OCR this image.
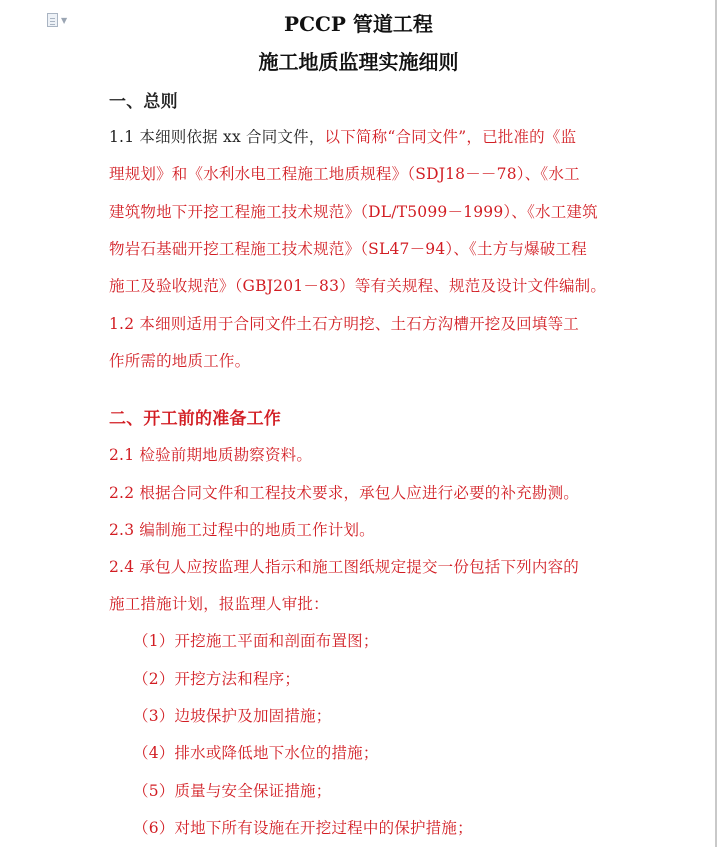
▼	PCCP 管道工程
施工地质监理实施细则
一、总则
1.1 本细则依据 xx 合同文件，以下简称“合同文件”，已批准的《监
理规划》和《水利水电工程施工地质规程》（SDJ18－－78）、《水工
建筑物地下开挖工程施工技术规范》（DL/T5099－1999）、《水工建筑
物岩石基础开挖工程施工技术规范》（SL47－94）、《土方与爆破工程
施工及验收规范》（GBJ201－83）等有关规程、规范及设计文件编制。
1.2 本细则适用于合同文件土石方明挖、土石方沟槽开挖及回填等工
作所需的地质工作。
二、开工前的准备工作
2.1 检验前期地质勘察资料。
2.2 根据合同文件和工程技术要求，承包人应进行必要的补充勘测。
2.3 编制施工过程中的地质工作计划。
2.4 承包人应按监理人指示和施工图纸规定提交一份包括下列内容的
施工措施计划，报监理人审批：
（1）开挖施工平面和剖面布置图；
（2）开挖方法和程序；
（3）边坡保护及加固措施；
（4）排水或降低地下水位的措施；
（5）质量与安全保证措施；
（6）对地下所有设施在开挖过程中的保护措施；
